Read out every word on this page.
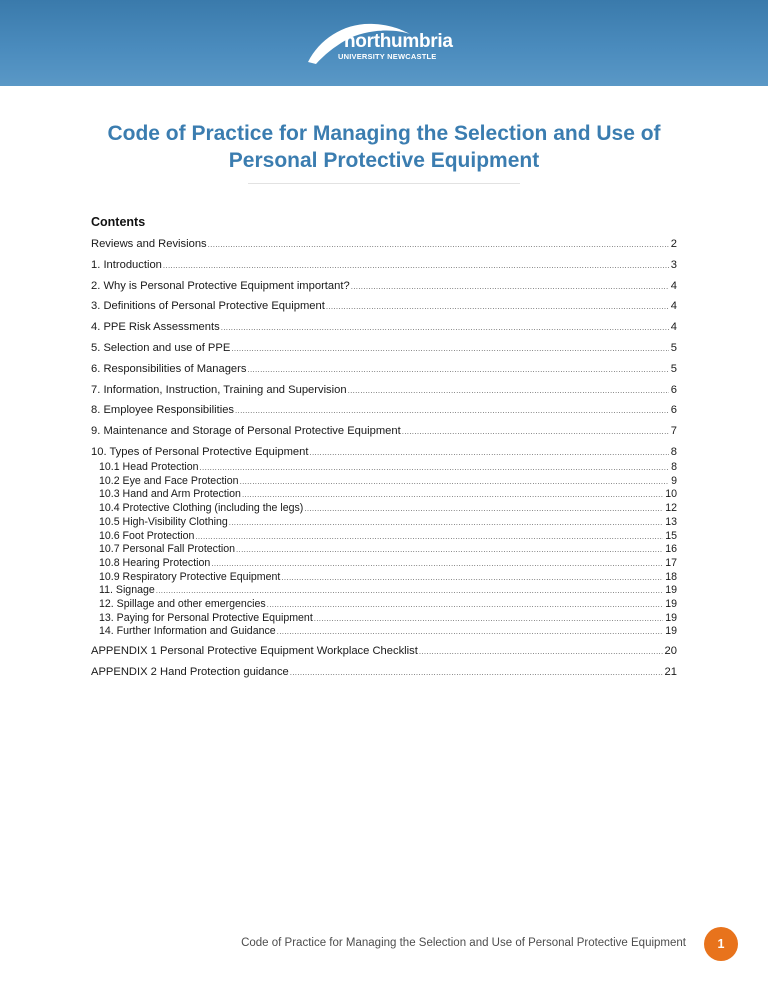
northumbria
UNIVERSITY NEWCASTLE
Code of Practice for Managing the Selection and Use of
Personal Protective Equipment
Contents
Reviews and Revisions .....	2
1. Introduction .....	3
2. Why is Personal Protective Equipment important? .....	4
3. Definitions of Personal Protective Equipment .....	4
4. PPE Risk Assessments .....	4
5. Selection and use of PPE .....	5
6. Responsibilities of Managers .....	5
7. Information, Instruction, Training and Supervision .....	6
8. Employee Responsibilities .....	6
9. Maintenance and Storage of Personal Protective Equipment .....	7
10. Types of Personal Protective Equipment .....	8
10.1 Head Protection .....	8
10.2 Eye and Face Protection .....	9
10.3 Hand and Arm Protection .....	10
10.4 Protective Clothing (including the legs) .....	12
10.5 High-Visibility Clothing .....	13
10.6 Foot Protection .....	15
10.7 Personal Fall Protection .....	16
10.8 Hearing Protection .....	17
10.9 Respiratory Protective Equipment .....	18
11. Signage .....	19
12. Spillage and other emergencies .....	19
13. Paying for Personal Protective Equipment .....	19
14. Further Information and Guidance .....	19
APPENDIX 1 Personal Protective Equipment Workplace Checklist .....	20
APPENDIX 2 Hand Protection guidance .....	21
Code of Practice for Managing the Selection and Use of Personal Protective Equipment	1
